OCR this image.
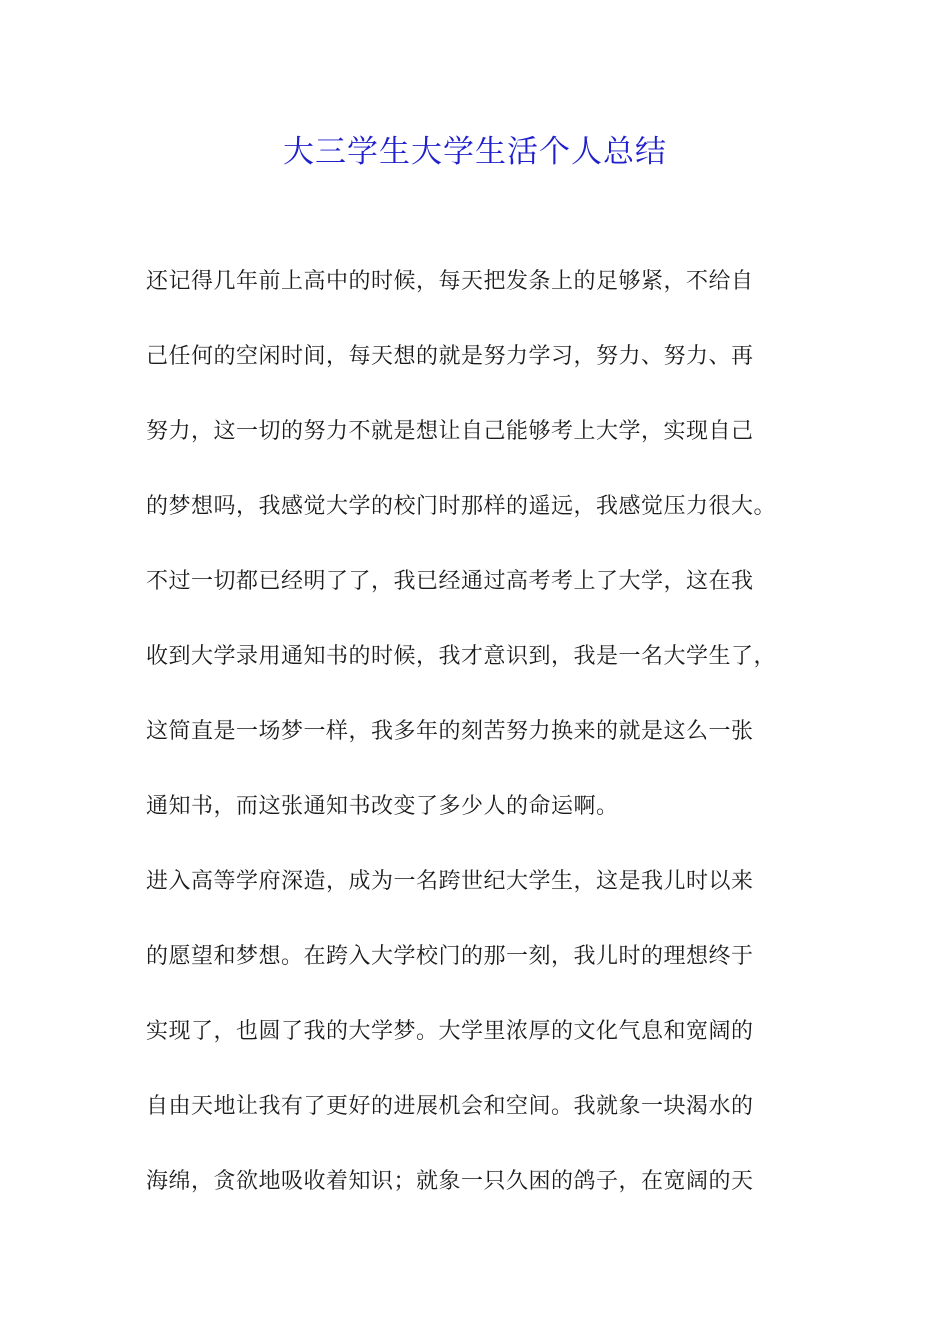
大三学生大学生活个人总结
还记得几年前上高中的时候，每天把发条上的足够紧，不给自
己任何的空闲时间，每天想的就是努力学习，努力、努力、再
努力，这一切的努力不就是想让自己能够考上大学，实现自己
的梦想吗，我感觉大学的校门时那样的遥远，我感觉压力很大。
不过一切都已经明了了，我已经通过高考考上了大学，这在我
收到大学录用通知书的时候，我才意识到，我是一名大学生了，
这简直是一场梦一样，我多年的刻苦努力换来的就是这么一张
通知书，而这张通知书改变了多少人的命运啊。
进入高等学府深造，成为一名跨世纪大学生，这是我儿时以来
的愿望和梦想。在跨入大学校门的那一刻，我儿时的理想终于
实现了，也圆了我的大学梦。大学里浓厚的文化气息和宽阔的
自由天地让我有了更好的进展机会和空间。我就象一块渴水的
海绵，贪欲地吸收着知识；就象一只久困的鸽子，在宽阔的天
